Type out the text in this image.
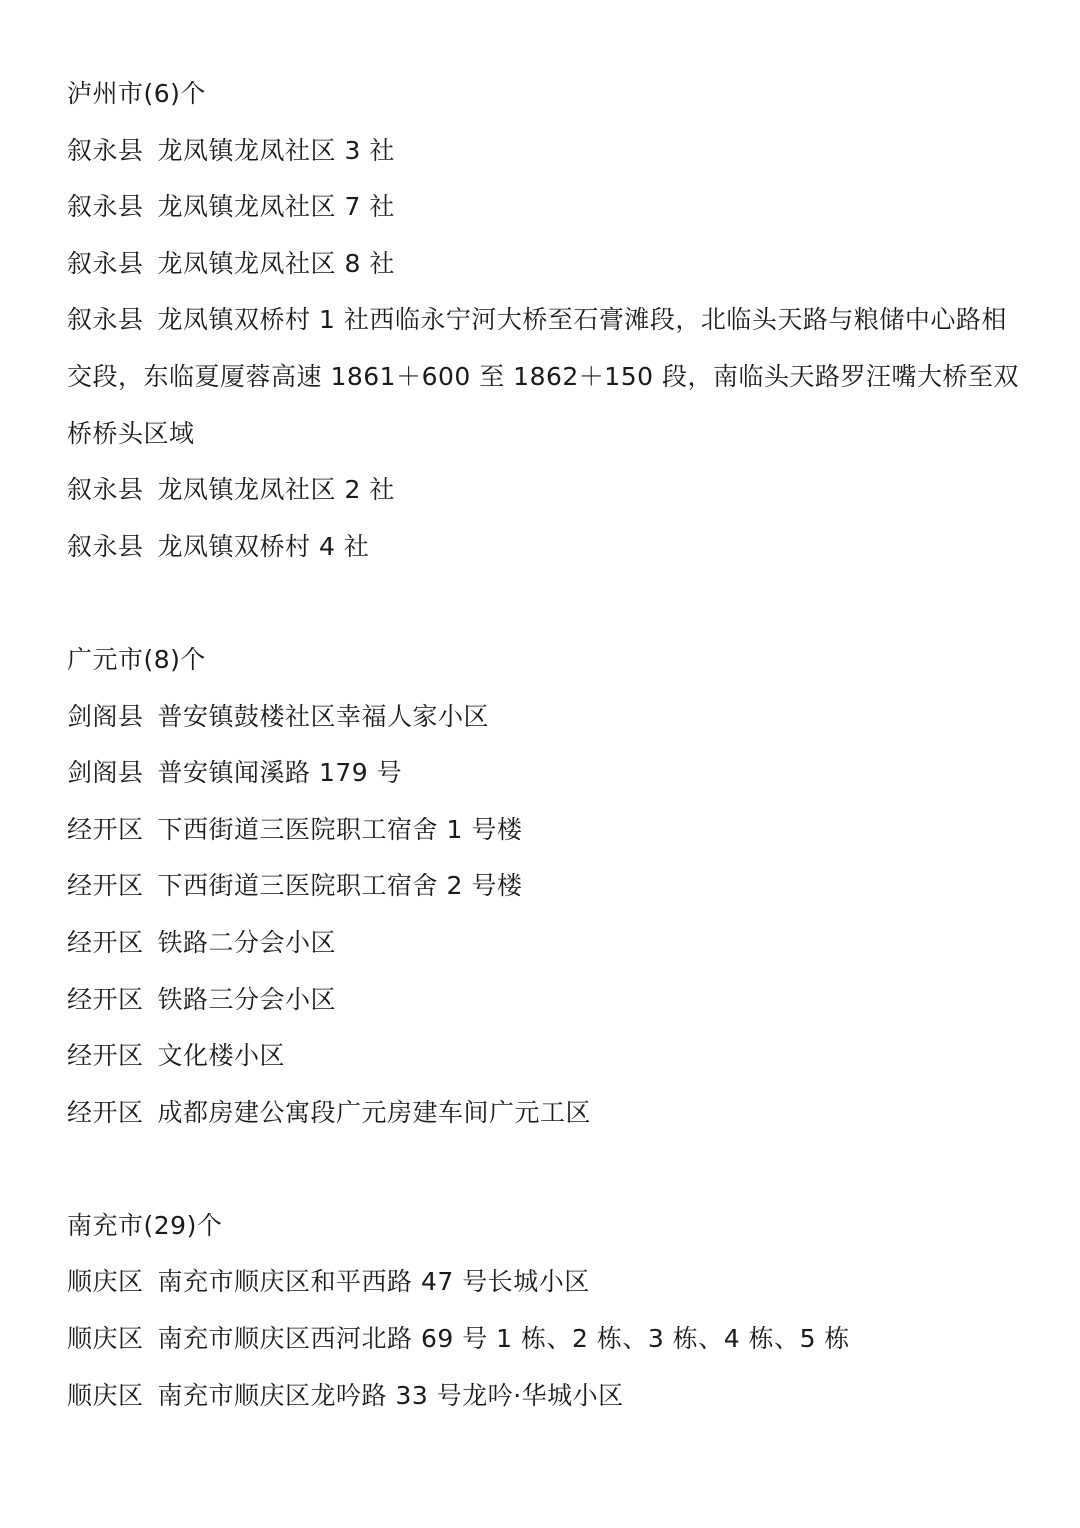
泸州市(6)个
叙永县 龙凤镇龙凤社区 3 社
叙永县 龙凤镇龙凤社区 7 社
叙永县 龙凤镇龙凤社区 8 社
叙永县 龙凤镇双桥村 1 社西临永宁河大桥至石膏滩段，北临头天路与粮储中心路相交段，东临夏厦蓉高速 1861＋600 至 1862＋150 段，南临头天路罗汪嘴大桥至双桥桥头区域
叙永县 龙凤镇龙凤社区 2 社
叙永县 龙凤镇双桥村 4 社
广元市(8)个
剑阁县 普安镇鼓楼社区幸福人家小区
剑阁县 普安镇闻溪路 179 号
经开区 下西街道三医院职工宿舍 1 号楼
经开区 下西街道三医院职工宿舍 2 号楼
经开区 铁路二分会小区
经开区 铁路三分会小区
经开区 文化楼小区
经开区 成都房建公寓段广元房建车间广元工区
南充市(29)个
顺庆区 南充市顺庆区和平西路 47 号长城小区
顺庆区 南充市顺庆区西河北路 69 号 1 栋、2 栋、3 栋、4 栋、5 栋
顺庆区 南充市顺庆区龙吟路 33 号龙吟·华城小区
